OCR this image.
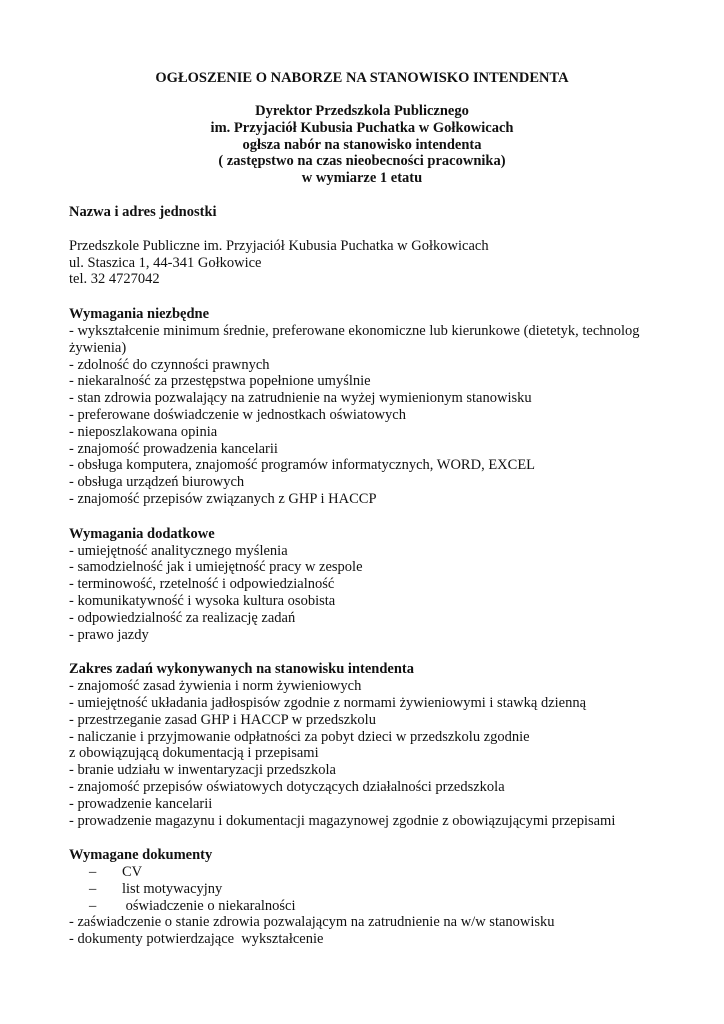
OGŁOSZENIE O NABORZE NA STANOWISKO INTENDENTA
Dyrektor Przedszkola Publicznego
im. Przyjaciół Kubusia Puchatka w Gołkowicach
ogłsza nabór na stanowisko intendenta
( zastępstwo na czas nieobecności pracownika)
w wymiarze 1 etatu
Nazwa i adres jednostki
Przedszkole Publiczne im. Przyjaciół Kubusia Puchatka w Gołkowicach
ul. Staszica 1, 44-341 Gołkowice
tel. 32 4727042
Wymagania niezbędne
- wykształcenie minimum średnie, preferowane ekonomiczne lub kierunkowe (dietetyk, technolog
żywienia)
- zdolność do czynności prawnych
- niekaralność za przestępstwa popełnione umyślnie
- stan zdrowia pozwalający na zatrudnienie na wyżej wymienionym stanowisku
- preferowane doświadczenie w jednostkach oświatowych
- nieposzlakowana opinia
- znajomość prowadzenia kancelarii
- obsługa komputera, znajomość programów informatycznych, WORD, EXCEL
- obsługa urządzeń biurowych
- znajomość przepisów związanych z GHP i HACCP
Wymagania dodatkowe
- umiejętność analitycznego myślenia
- samodzielność jak i umiejętność pracy w zespole
- terminowość, rzetelność i odpowiedzialność
- komunikatywność i wysoka kultura osobista
- odpowiedzialność za realizację zadań
- prawo jazdy
Zakres zadań wykonywanych na stanowisku intendenta
- znajomość zasad żywienia i norm żywieniowych
- umiejętność układania jadłospisów zgodnie z normami żywieniowymi i stawką dzienną
- przestrzeganie zasad GHP i HACCP w przedszkolu
- naliczanie i przyjmowanie odpłatności za pobyt dzieci w przedszkolu zgodnie
z obowiązującą dokumentacją i przepisami
- branie udziału w inwentaryzacji przedszkola
- znajomość przepisów oświatowych dotyczących działalności przedszkola
- prowadzenie kancelarii
- prowadzenie magazynu i dokumentacji magazynowej zgodnie z obowiązującymi przepisami
Wymagane dokumenty
–	CV
–	list motywacyjny
–	oświadczenie o niekaralności
- zaświadczenie o stanie zdrowia pozwalającym na zatrudnienie na w/w stanowisku
- dokumenty potwierdzające  wykształcenie
